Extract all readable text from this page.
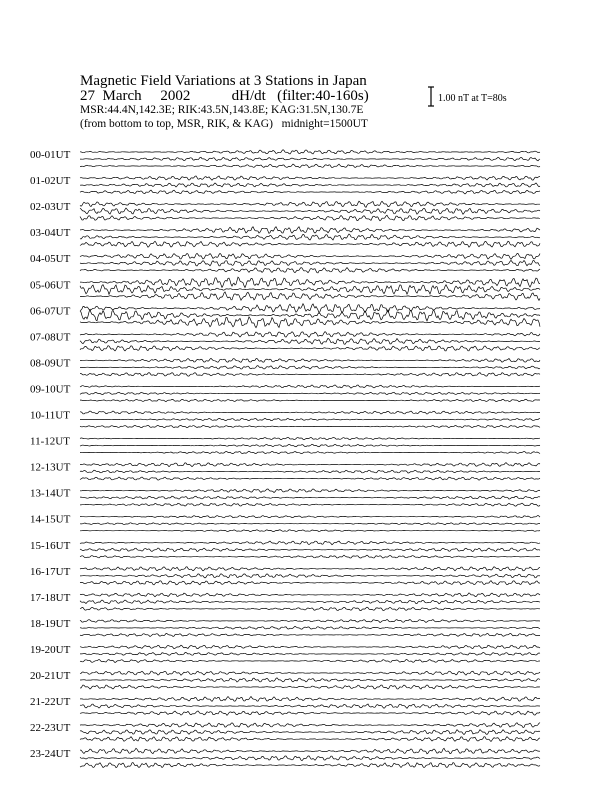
Magnetic Field Variations at 3 Stations in Japan
27 March 2002	dH/dt (filter:40-160s)
MSR:44.4N,142.3E; RIK:43.5N,143.8E; KAG:31.5N,130.7E
(from bottom to top, MSR, RIK, & KAG) midnight=1500UT
1.00 nT at T=80s
00-01UT
01-02UT
02-03UT
03-04UT
04-05UT
05-06UT
06-07UT
07-08UT
08-09UT
09-10UT
10-11UT
11-12UT
12-13UT
13-14UT
14-15UT
15-16UT
16-17UT
17-18UT
18-19UT
19-20UT
20-21UT
21-22UT
22-23UT
23-24UT
